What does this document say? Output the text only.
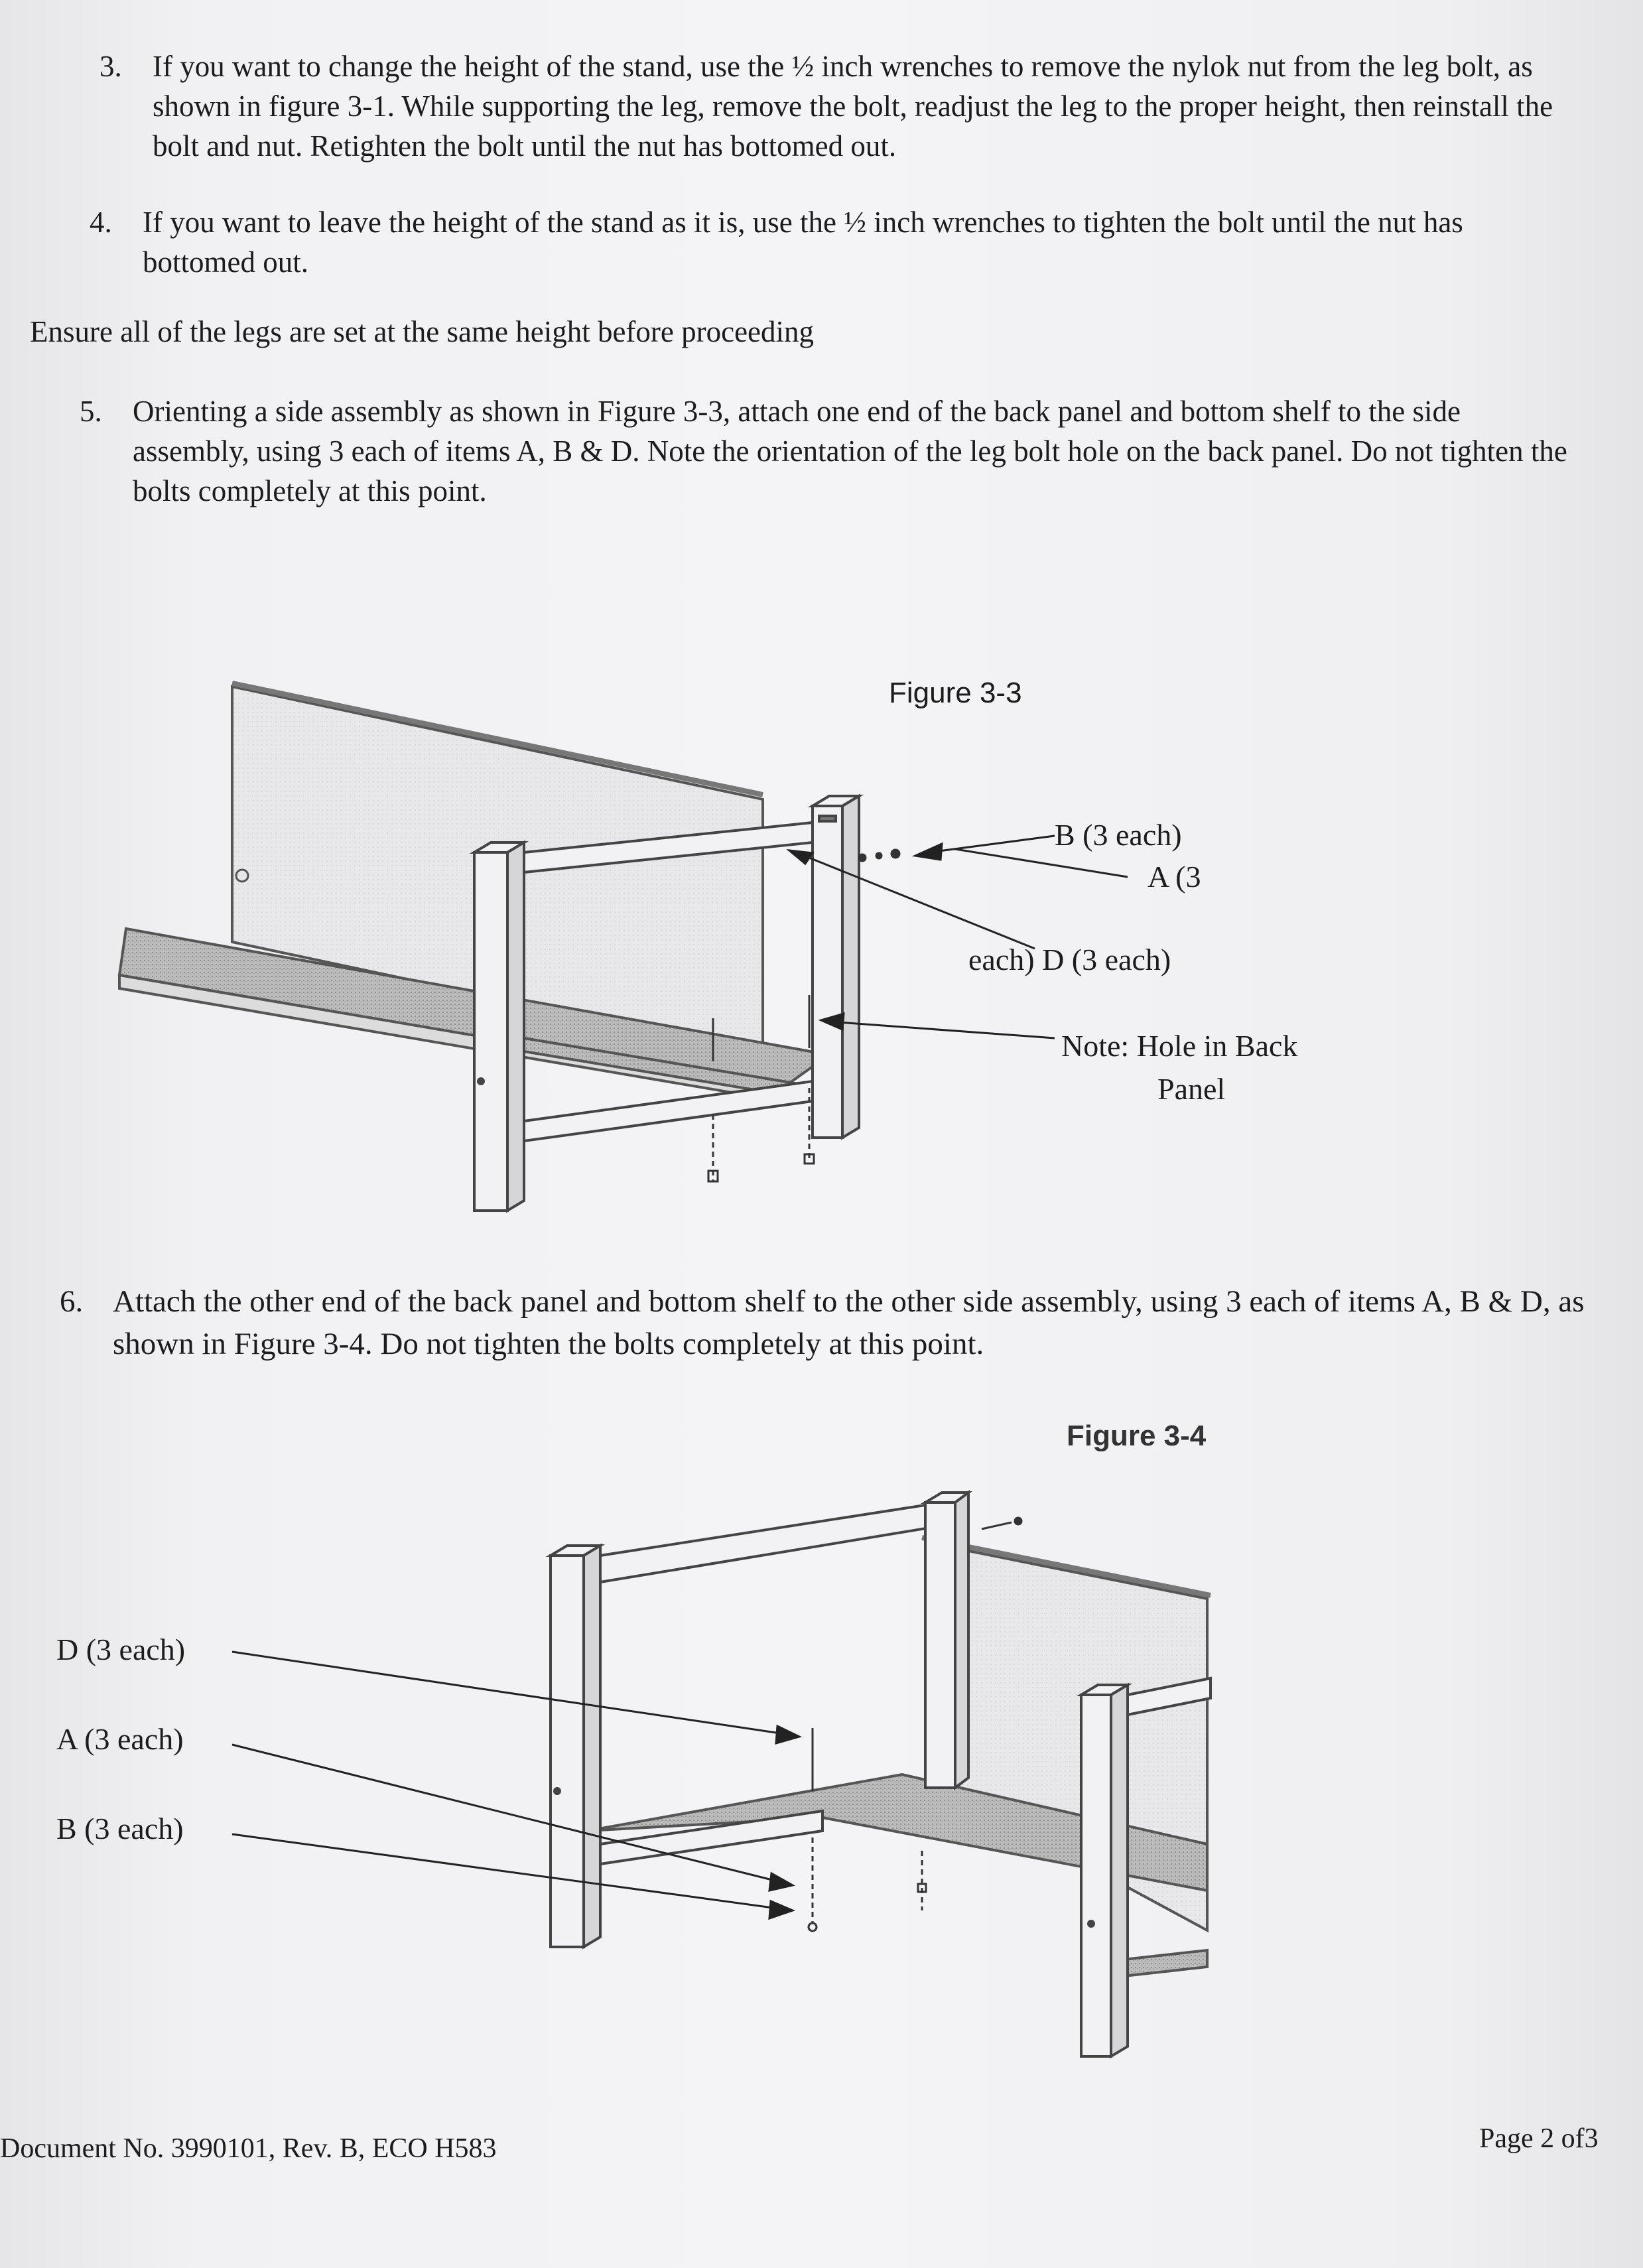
3. If you want to change the height of the stand, use the ½ inch wrenches to remove the nylok nut from the leg bolt, as shown in figure 3-1. While supporting the leg, remove the bolt, readjust the leg to the proper height, then reinstall the bolt and nut. Retighten the bolt until the nut has bottomed out.
4. If you want to leave the height of the stand as it is, use the ½ inch wrenches to tighten the bolt until the nut has bottomed out.
Ensure all of the legs are set at the same height before proceeding
5. Orienting a side assembly as shown in Figure 3-3, attach one end of the back panel and bottom shelf to the side assembly, using 3 each of items A, B & D. Note the orientation of the leg bolt hole on the back panel. Do not tighten the bolts completely at this point.
Figure 3-3
B (3 each)
A (3
each) D (3 each)
Note: Hole in Back
Panel
6. Attach the other end of the back panel and bottom shelf to the other side assembly, using 3 each of items A, B & D, as shown in Figure 3-4. Do not tighten the bolts completely at this point.
Figure 3-4
D (3 each)
A (3 each)
B (3 each)
Document No. 3990101, Rev. B, ECO H583	Page 2 of3
